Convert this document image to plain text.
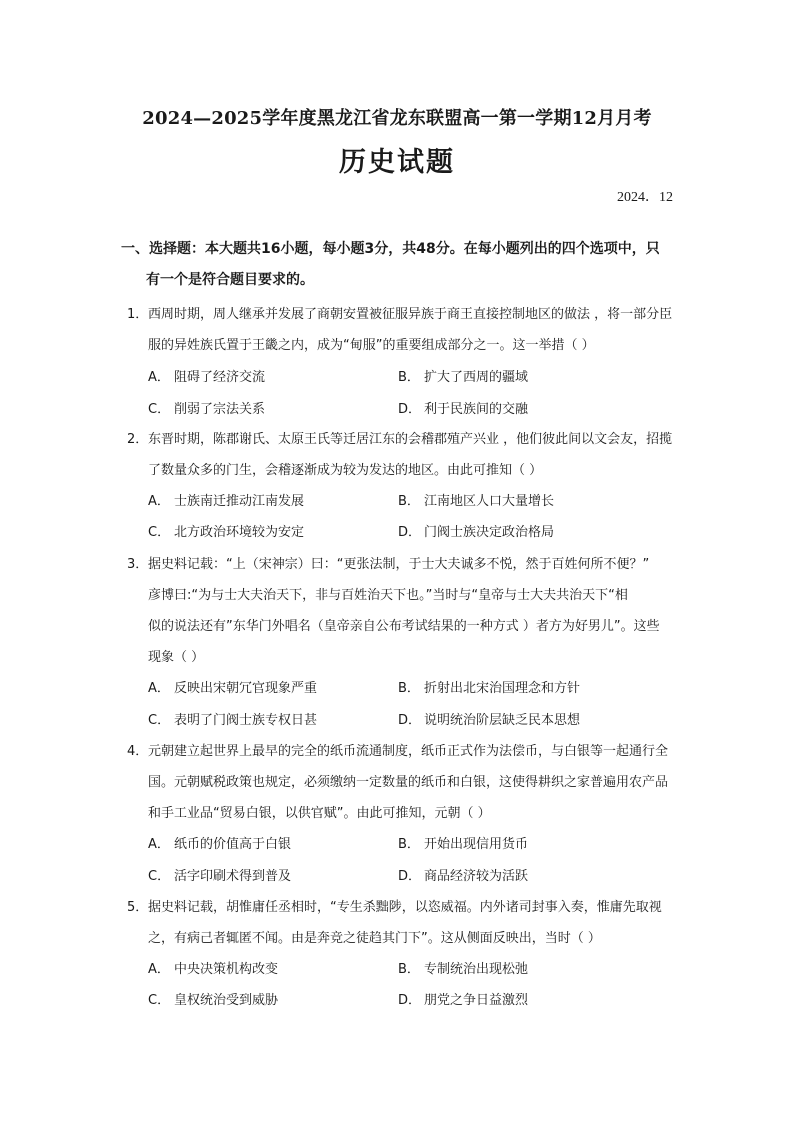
2024—2025学年度黑龙江省龙东联盟高一第一学期12月月考
历史试题
2024．12
一、选择题：本大题共16小题，每小题3分，共48分。在每小题列出的四个选项中，只
有一个是符合题目要求的。
1． 西周时期，周人继承并发展了商朝安置被征服异族于商王直接控制地区的做法 ，将一部分臣
服的异姓族氏置于王畿之内，成为“甸服”的重要组成部分之一。这一举措（ ）
A． 阻碍了经济交流	B． 扩大了西周的疆域
C． 削弱了宗法关系	D． 利于民族间的交融
2． 东晋时期，陈郡谢氏、太原王氏等迁居江东的会稽郡殖产兴业 ，他们彼此间以文会友，招揽
了数量众多的门生，会稽逐渐成为较为发达的地区。由此可推知（ ）
A． 士族南迁推动江南发展	B． 江南地区人口大量增长
C． 北方政治环境较为安定	D． 门阀士族决定政治格局
3． 据史料记载：“上（宋神宗）曰：“更张法制，于士大夫诚多不悦，然于百姓何所不便？”
彦博曰:“为与士大夫治天下，非与百姓治天下也。”当时与“皇帝与士大夫共治天下“相
似的说法还有”东华门外唱名（皇帝亲自公布考试结果的一种方式 ）者方为好男儿”。这些
现象（ ）
A． 反映出宋朝冗官现象严重	B． 折射出北宋治国理念和方针
C． 表明了门阀士族专权日甚	D． 说明统治阶层缺乏民本思想
4． 元朝建立起世界上最早的完全的纸币流通制度，纸币正式作为法偿币，与白银等一起通行全
国。元朝赋税政策也规定，必须缴纳一定数量的纸币和白银，这使得耕织之家普遍用农产品
和手工业品“贸易白银，以供官赋”。由此可推知，元朝（ ）
A． 纸币的价值高于白银	B． 开始出现信用货币
C． 活字印刷术得到普及	D． 商品经济较为活跃
5． 据史料记载，胡惟庸任丞相时，“专生杀黜陟，以恣威福。内外诸司封事入奏，惟庸先取视
之，有病己者辄匿不闻。由是奔竞之徒趋其门下”。这从侧面反映出，当时（ ）
A． 中央决策机构改变	B． 专制统治出现松弛
C． 皇权统治受到威胁	D． 朋党之争日益激烈
